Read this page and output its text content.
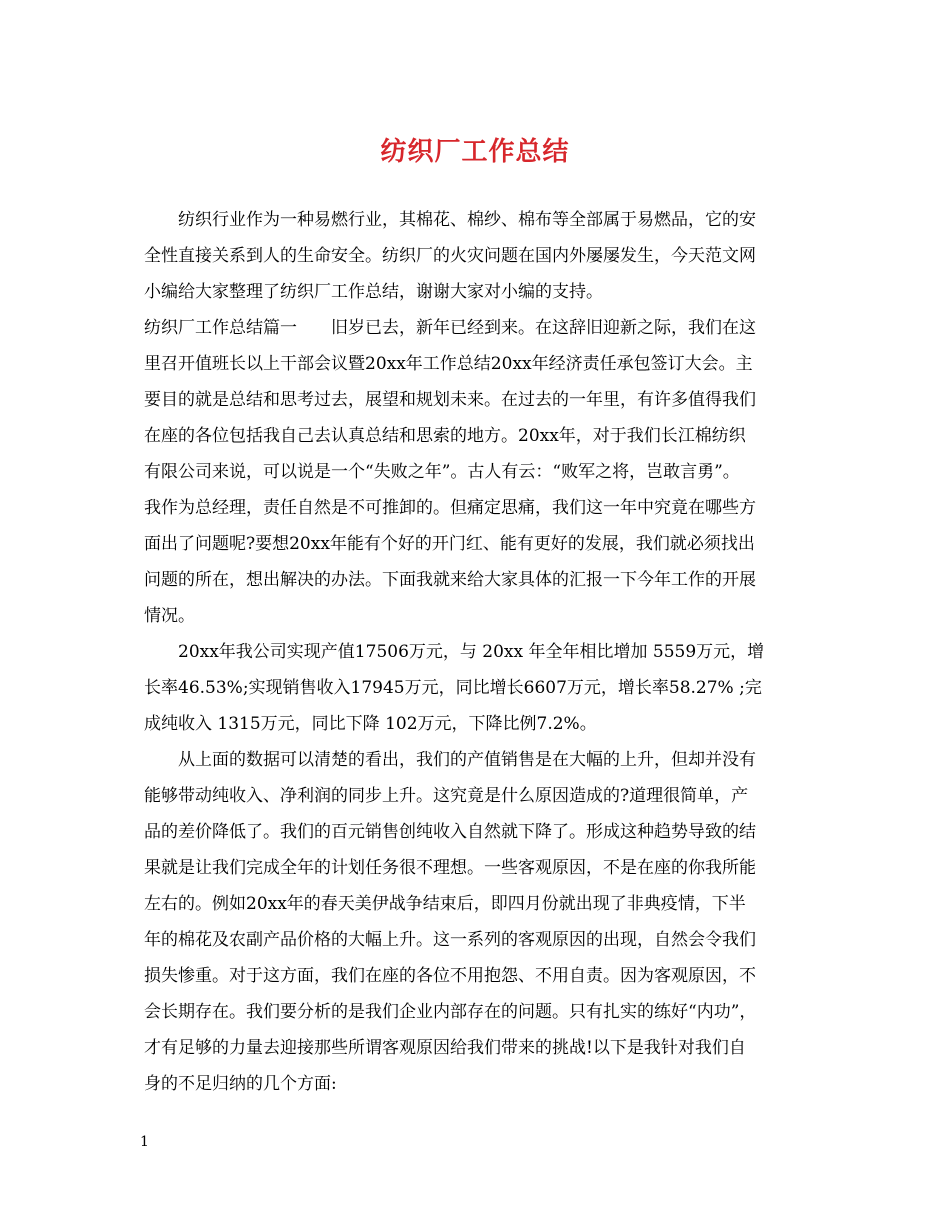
纺织厂工作总结
纺织行业作为一种易燃行业，其棉花、棉纱、棉布等全部属于易燃品，它的安
全性直接关系到人的生命安全。纺织厂的火灾问题在国内外屡屡发生，今天范文网
小编给大家整理了纺织厂工作总结，谢谢大家对小编的支持。
纺织厂工作总结篇一　　旧岁已去，新年已经到来。在这辞旧迎新之际，我们在这
里召开值班长以上干部会议暨20xx年工作总结20xx年经济责任承包签订大会。主
要目的就是总结和思考过去，展望和规划未来。在过去的一年里，有许多值得我们
在座的各位包括我自己去认真总结和思索的地方。20xx年，对于我们长江棉纺织
有限公司来说，可以说是一个“失败之年”。古人有云：“败军之将，岂敢言勇”。
我作为总经理，责任自然是不可推卸的。但痛定思痛，我们这一年中究竟在哪些方
面出了问题呢?要想20xx年能有个好的开门红、能有更好的发展，我们就必须找出
问题的所在，想出解决的办法。下面我就来给大家具体的汇报一下今年工作的开展
情况。
20xx年我公司实现产值17506万元，与 20xx 年全年相比增加 5559万元，增
长率46.53%;实现销售收入17945万元，同比增长6607万元，增长率58.27% ;完
成纯收入 1315万元，同比下降 102万元，下降比例7.2%。
从上面的数据可以清楚的看出，我们的产值销售是在大幅的上升，但却并没有
能够带动纯收入、净利润的同步上升。这究竟是什么原因造成的?道理很简单，产
品的差价降低了。我们的百元销售创纯收入自然就下降了。形成这种趋势导致的结
果就是让我们完成全年的计划任务很不理想。一些客观原因，不是在座的你我所能
左右的。例如20xx年的春天美伊战争结束后，即四月份就出现了非典疫情，下半
年的棉花及农副产品价格的大幅上升。这一系列的客观原因的出现，自然会令我们
损失惨重。对于这方面，我们在座的各位不用抱怨、不用自责。因为客观原因，不
会长期存在。我们要分析的是我们企业内部存在的问题。只有扎实的练好“内功”，
才有足够的力量去迎接那些所谓客观原因给我们带来的挑战!以下是我针对我们自
身的不足归纳的几个方面:
1
